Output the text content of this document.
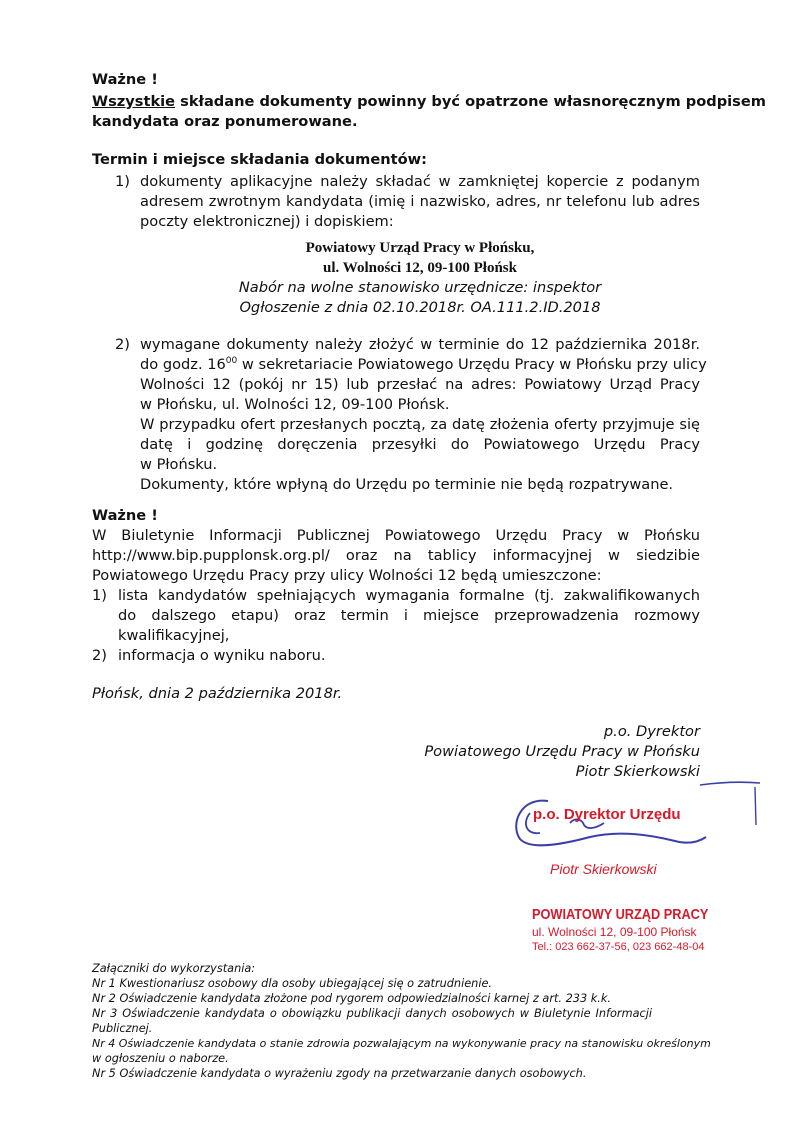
Ważne !
Wszystkie składane dokumenty powinny być opatrzone własnoręcznym podpisem
kandydata oraz ponumerowane.
Termin i miejsce składania dokumentów:
1) dokumenty aplikacyjne należy składać w zamkniętej kopercie z podanym
adresem zwrotnym kandydata (imię i nazwisko, adres, nr telefonu lub adres
poczty elektronicznej) i dopiskiem:
Powiatowy Urząd Pracy w Płońsku,
ul. Wolności 12, 09-100 Płońsk
Nabór na wolne stanowisko urzędnicze: inspektor
Ogłoszenie z dnia 02.10.2018r. OA.111.2.ID.2018
2) wymagane dokumenty należy złożyć w terminie do 12 października 2018r.
do godz. $16^{00}$ w sekretariacie Powiatowego Urzędu Pracy w Płońsku przy ulicy
Wolności 12 (pokój nr 15) lub przesłać na adres: Powiatowy Urząd Pracy
w Płońsku, ul. Wolności 12, 09-100 Płońsk.
W przypadku ofert przesłanych pocztą, za datę złożenia oferty przyjmuje się
datę i godzinę doręczenia przesyłki do Powiatowego Urzędu Pracy
w Płońsku.
Dokumenty, które wpłyną do Urzędu po terminie nie będą rozpatrywane.
Ważne !
W Biuletynie Informacji Publicznej Powiatowego Urzędu Pracy w Płońsku
http://www.bip.pupplonsk.org.pl/ oraz na tablicy informacyjnej w siedzibie
Powiatowego Urzędu Pracy przy ulicy Wolności 12 będą umieszczone:
1) lista kandydatów spełniających wymagania formalne (tj. zakwalifikowanych
do dalszego etapu) oraz termin i miejsce przeprowadzenia rozmowy
kwalifikacyjnej,
2) informacja o wyniku naboru.
Płońsk, dnia 2 października 2018r.
p.o. Dyrektor
Powiatowego Urzędu Pracy w Płońsku
Piotr Skierkowski
p.o. Dyrektor Urzędu
Piotr Skierkowski
POWIATOWY URZĄD PRACY
ul. Wolności 12, 09-100 Płońsk
Tel.: 023 662-37-56, 023 662-48-04
Załączniki do wykorzystania:
Nr 1 Kwestionariusz osobowy dla osoby ubiegającej się o zatrudnienie.
Nr 2 Oświadczenie kandydata złożone pod rygorem odpowiedzialności karnej z art. 233 k.k.
Nr 3 Oświadczenie kandydata o obowiązku publikacji danych osobowych w Biuletynie Informacji
Publicznej.
Nr 4 Oświadczenie kandydata o stanie zdrowia pozwalającym na wykonywanie pracy na stanowisku określonym
w ogłoszeniu o naborze.
Nr 5 Oświadczenie kandydata o wyrażeniu zgody na przetwarzanie danych osobowych.
